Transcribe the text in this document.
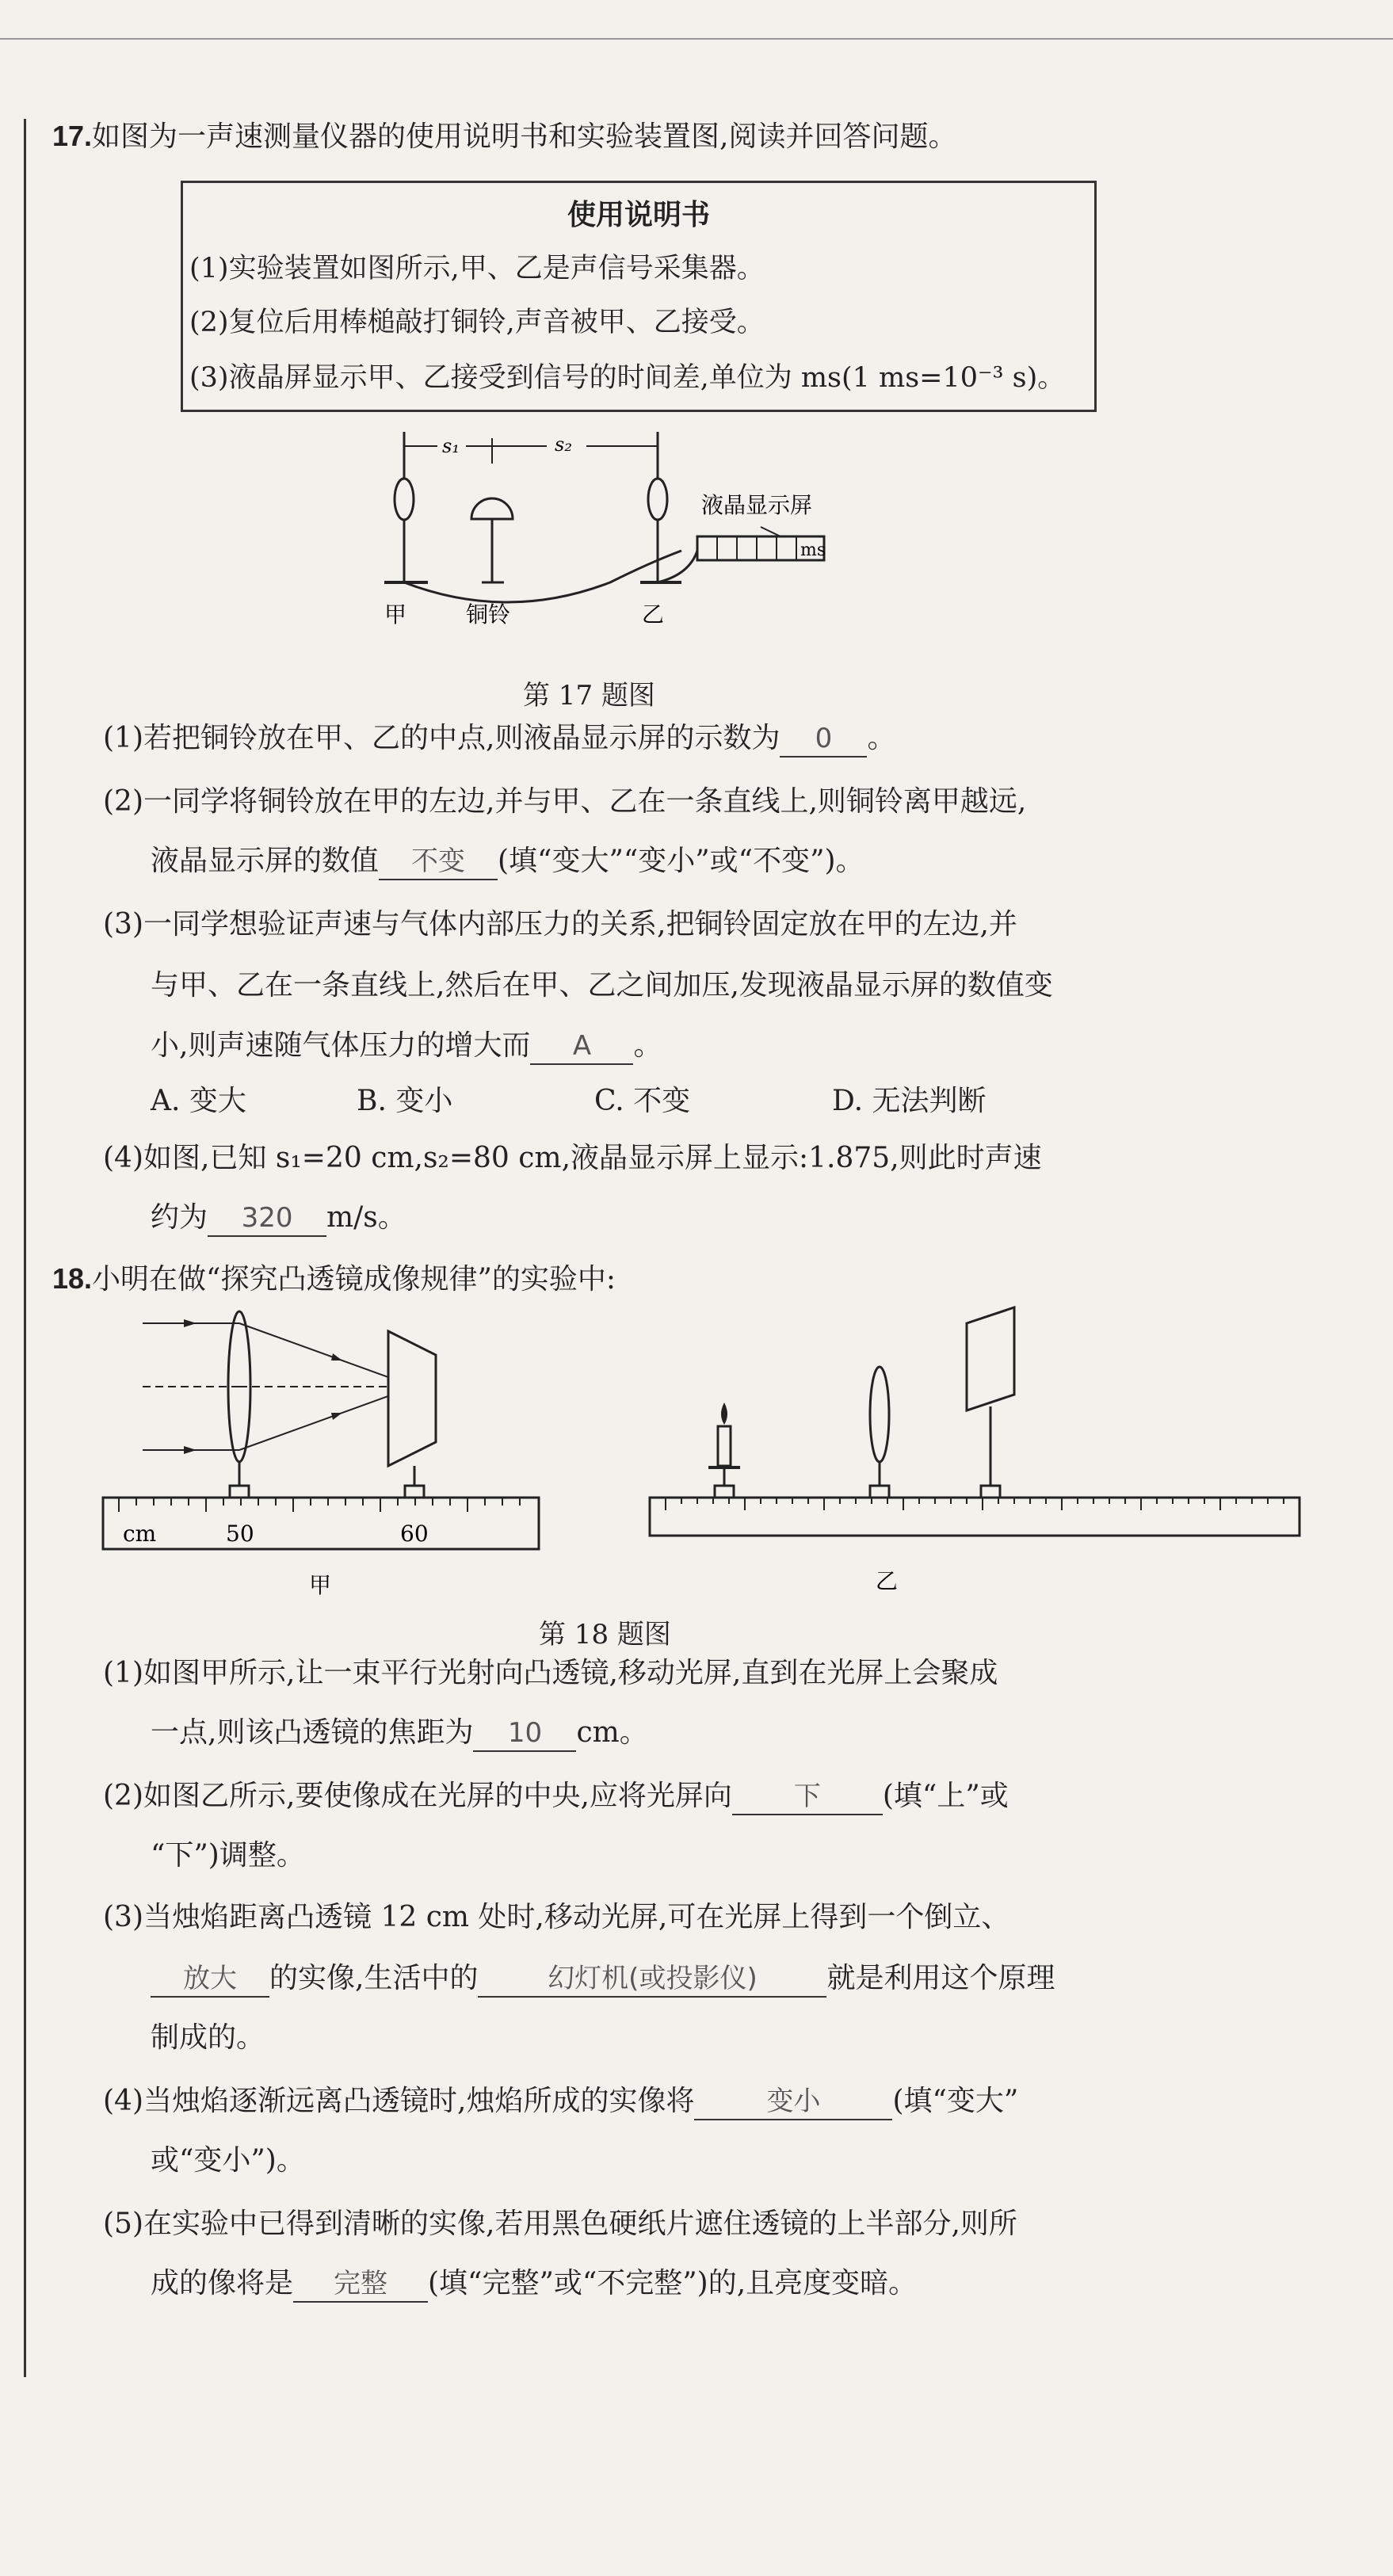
17.如图为一声速测量仪器的使用说明书和实验装置图,阅读并回答问题。
使用说明书
(1)实验装置如图所示,甲、乙是声信号采集器。
(2)复位后用棒槌敲打铜铃,声音被甲、乙接受。
(3)液晶屏显示甲、乙接受到信号的时间差,单位为 ms(1 ms=10⁻³ s)。
s₁	s₂
ms
液晶显示屏
甲	铜铃	乙
第 17 题图
(1)若把铜铃放在甲、乙的中点,则液晶显示屏的示数为 0 。
(2)一同学将铜铃放在甲的左边,并与甲、乙在一条直线上,则铜铃离甲越远,
液晶显示屏的数值 不变 (填“变大”“变小”或“不变”)。
(3)一同学想验证声速与气体内部压力的关系,把铜铃固定放在甲的左边,并
与甲、乙在一条直线上,然后在甲、乙之间加压,发现液晶显示屏的数值变
小,则声速随气体压力的增大而 A 。
A. 变大	B. 变小	C. 不变	D. 无法判断
(4)如图,已知 s₁=20 cm,s₂=80 cm,液晶显示屏上显示:1.875,则此时声速
约为 320 m/s。
18.小明在做“探究凸透镜成像规律”的实验中:
cm	50	60
甲	乙
第 18 题图
(1)如图甲所示,让一束平行光射向凸透镜,移动光屏,直到在光屏上会聚成
一点,则该凸透镜的焦距为 10 cm。
(2)如图乙所示,要使像成在光屏的中央,应将光屏向 下 (填“上”或
“下”)调整。
(3)当烛焰距离凸透镜 12 cm 处时,移动光屏,可在光屏上得到一个倒立、
放大 的实像,生活中的	幻灯机(或投影仪) 就是利用这个原理
制成的。
(4)当烛焰逐渐远离凸透镜时,烛焰所成的实像将	变小	(填“变大”
或“变小”)。
(5)在实验中已得到清晰的实像,若用黑色硬纸片遮住透镜的上半部分,则所
成的像将是 完整 (填“完整”或“不完整”)的,且亮度变暗。
